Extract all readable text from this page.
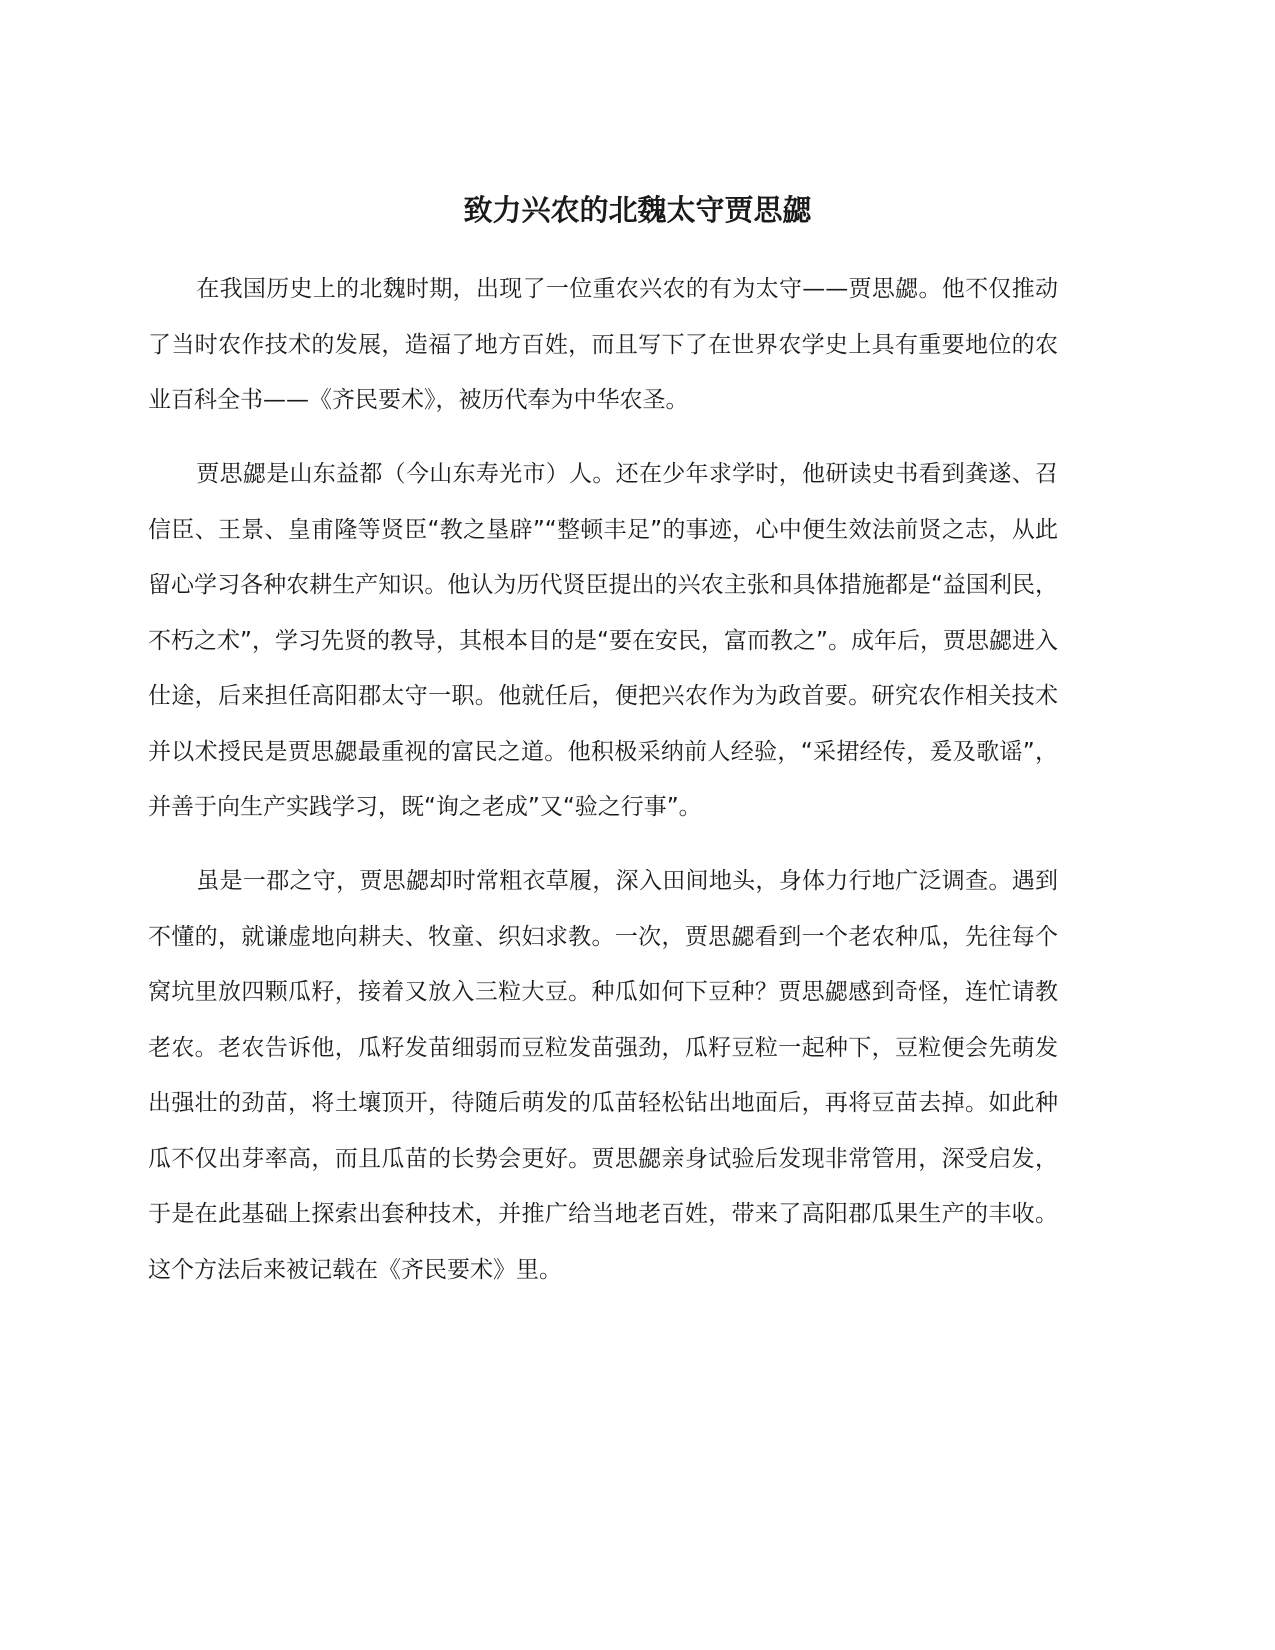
致力兴农的北魏太守贾思勰

在我国历史上的北魏时期，出现了一位重农兴农的有为太守——贾思勰。他不仅推动了当时农作技术的发展，造福了地方百姓，而且写下了在世界农学史上具有重要地位的农业百科全书——《齐民要术》，被历代奉为中华农圣。

贾思勰是山东益都（今山东寿光市）人。还在少年求学时，他研读史书看到龚遂、召信臣、王景、皇甫隆等贤臣“教之垦辟”“整顿丰足”的事迹，心中便生效法前贤之志，从此留心学习各种农耕生产知识。他认为历代贤臣提出的兴农主张和具体措施都是“益国利民，不朽之术”，学习先贤的教导，其根本目的是“要在安民，富而教之”。成年后，贾思勰进入仕途，后来担任高阳郡太守一职。他就任后，便把兴农作为为政首要。研究农作相关技术并以术授民是贾思勰最重视的富民之道。他积极采纳前人经验，“采捃经传，爰及歌谣”，并善于向生产实践学习，既“询之老成”又“验之行事”。

虽是一郡之守，贾思勰却时常粗衣草履，深入田间地头，身体力行地广泛调查。遇到不懂的，就谦虚地向耕夫、牧童、织妇求教。一次，贾思勰看到一个老农种瓜，先往每个窝坑里放四颗瓜籽，接着又放入三粒大豆。种瓜如何下豆种？贾思勰感到奇怪，连忙请教老农。老农告诉他，瓜籽发苗细弱而豆粒发苗强劲，瓜籽豆粒一起种下，豆粒便会先萌发出强壮的劲苗，将土壤顶开，待随后萌发的瓜苗轻松钻出地面后，再将豆苗去掉。如此种瓜不仅出芽率高，而且瓜苗的长势会更好。贾思勰亲身试验后发现非常管用，深受启发，于是在此基础上探索出套种技术，并推广给当地老百姓，带来了高阳郡瓜果生产的丰收。这个方法后来被记载在《齐民要术》里。
